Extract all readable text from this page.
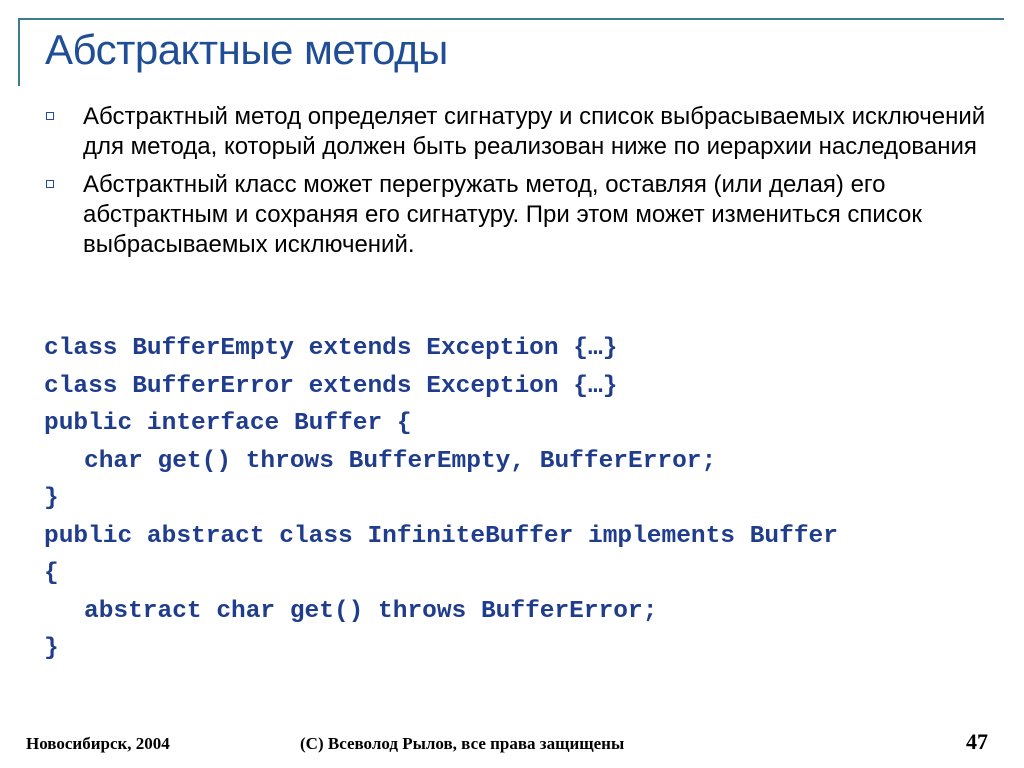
Абстрактные методы
Абстрактный метод определяет сигнатуру и список выбрасываемых исключений для метода, который должен быть реализован ниже по иерархии наследования
Абстрактный класс может перегружать метод, оставляя (или делая) его абстрактным и сохраняя его сигнатуру. При этом может измениться список выбрасываемых исключений.
class BufferEmpty extends Exception {…}
class BufferError extends Exception {…}
public interface Buffer {
char get() throws BufferEmpty, BufferError;
}
public abstract class InfiniteBuffer implements Buffer
{
abstract char get() throws BufferError;
}
Новосибирск, 2004	(С) Всеволод Рылов, все права защищены	47
